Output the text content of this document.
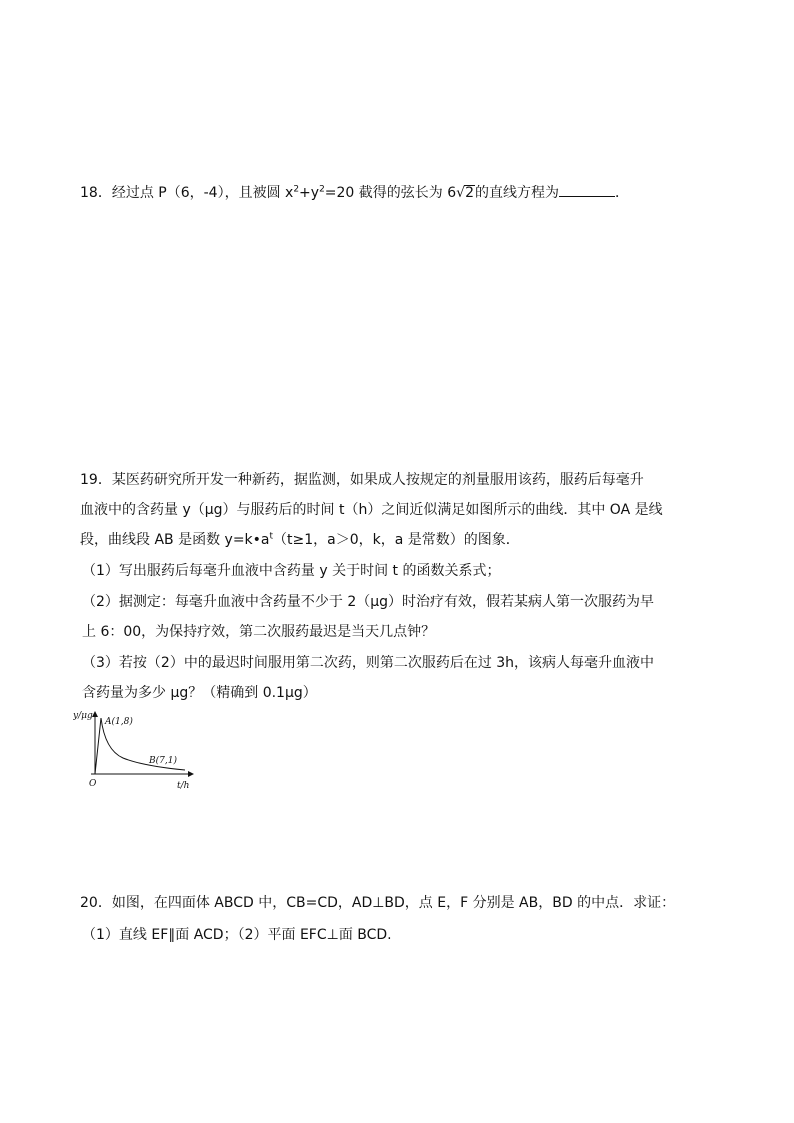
18．经过点 P（6，-4），且被圆 $x^2+y^2=20$ 截得的弦长为 6√2的直线方程为	．
19．某医药研究所开发一种新药，据监测，如果成人按规定的剂量服用该药，服药后每毫升
血液中的含药量 y（μg）与服药后的时间 t（h）之间近似满足如图所示的曲线．其中 OA 是线
段，曲线段 AB 是函数 $y=k•a^t(t\ge 1$，a＞0，k，a 是常数）的图象．
（1）写出服药后每毫升血液中含药量 y 关于时间 t 的函数关系式；
（2）据测定：每毫升血液中含药量不少于 2（μg）时治疗有效，假若某病人第一次服药为早
上 6：00，为保持疗效，第二次服药最迟是当天几点钟？
（3）若按（2）中的最迟时间服用第二次药，则第二次服药后在过 3h，该病人每毫升血液中
含药量为多少 μg？（精确到 0.1μg）
y/μg
A(1,8)
B(7,1)
O	t/h
20．如图，在四面体 ABCD 中，CB=CD，AD⊥BD，点 E，F 分别是 AB，BD 的中点．求证：
（1）直线 EF∥面 ACD；（2）平面 EFC⊥面 BCD.
